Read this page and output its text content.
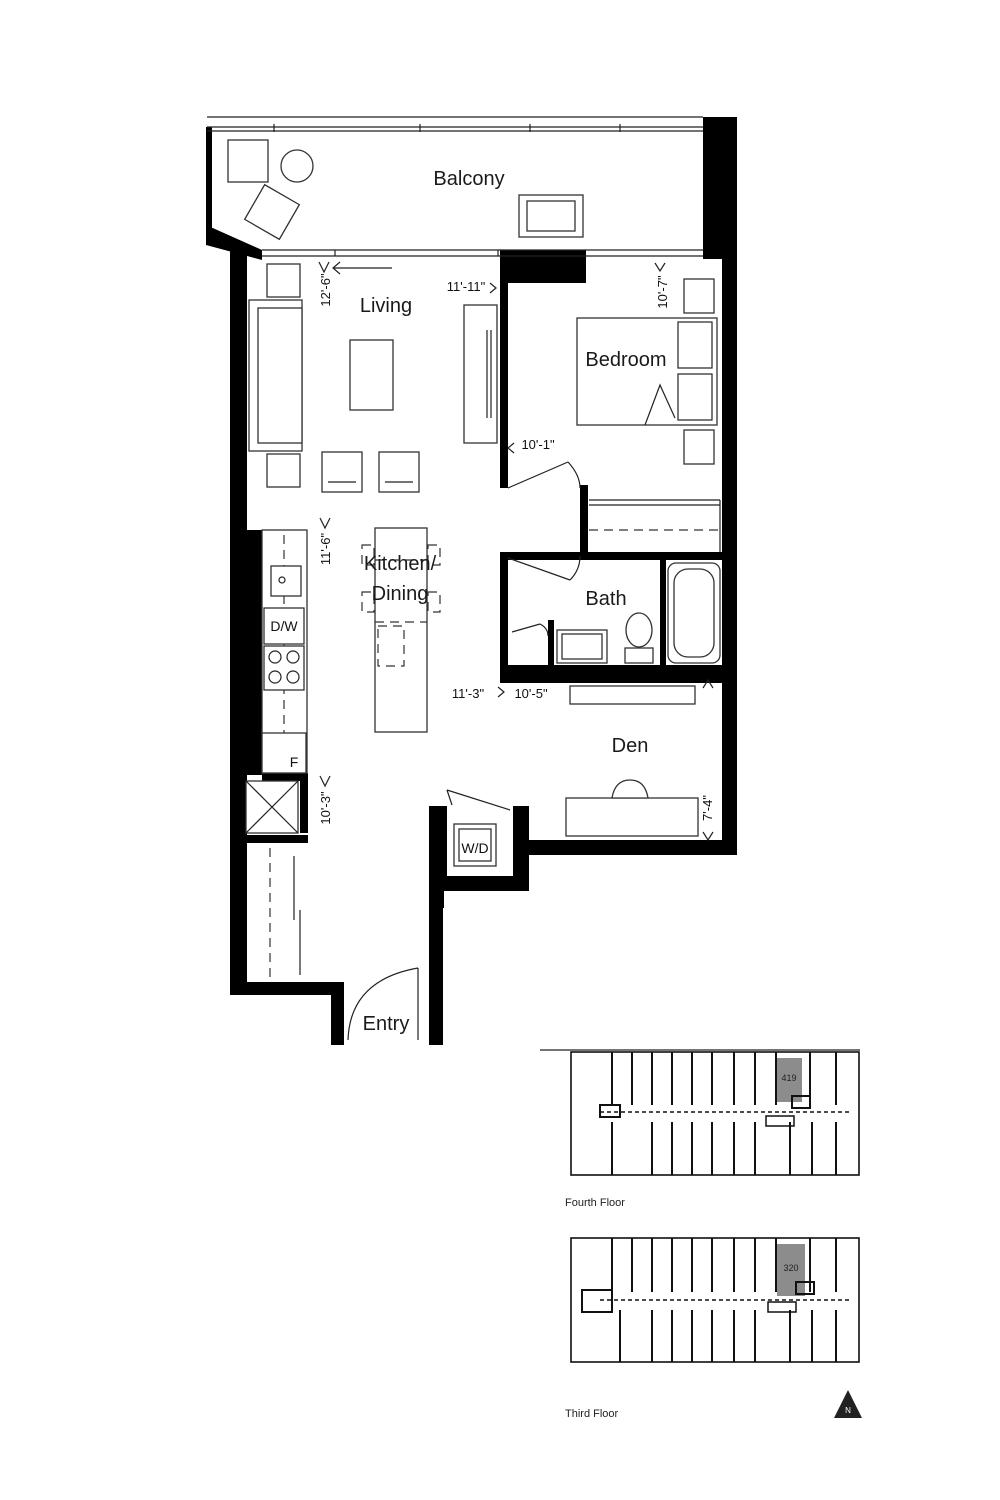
Balcony
Living
Bedroom
Kitchen/
Dining	Bath
Den
Entry
12'-6"	11'-11"	10'-7"
10'-1"
11'-6"
11'-3" 10'-5"
7'-4"
10'-3"
D/W
F
W/D
419
Fourth Floor
320
Third Floor	N
